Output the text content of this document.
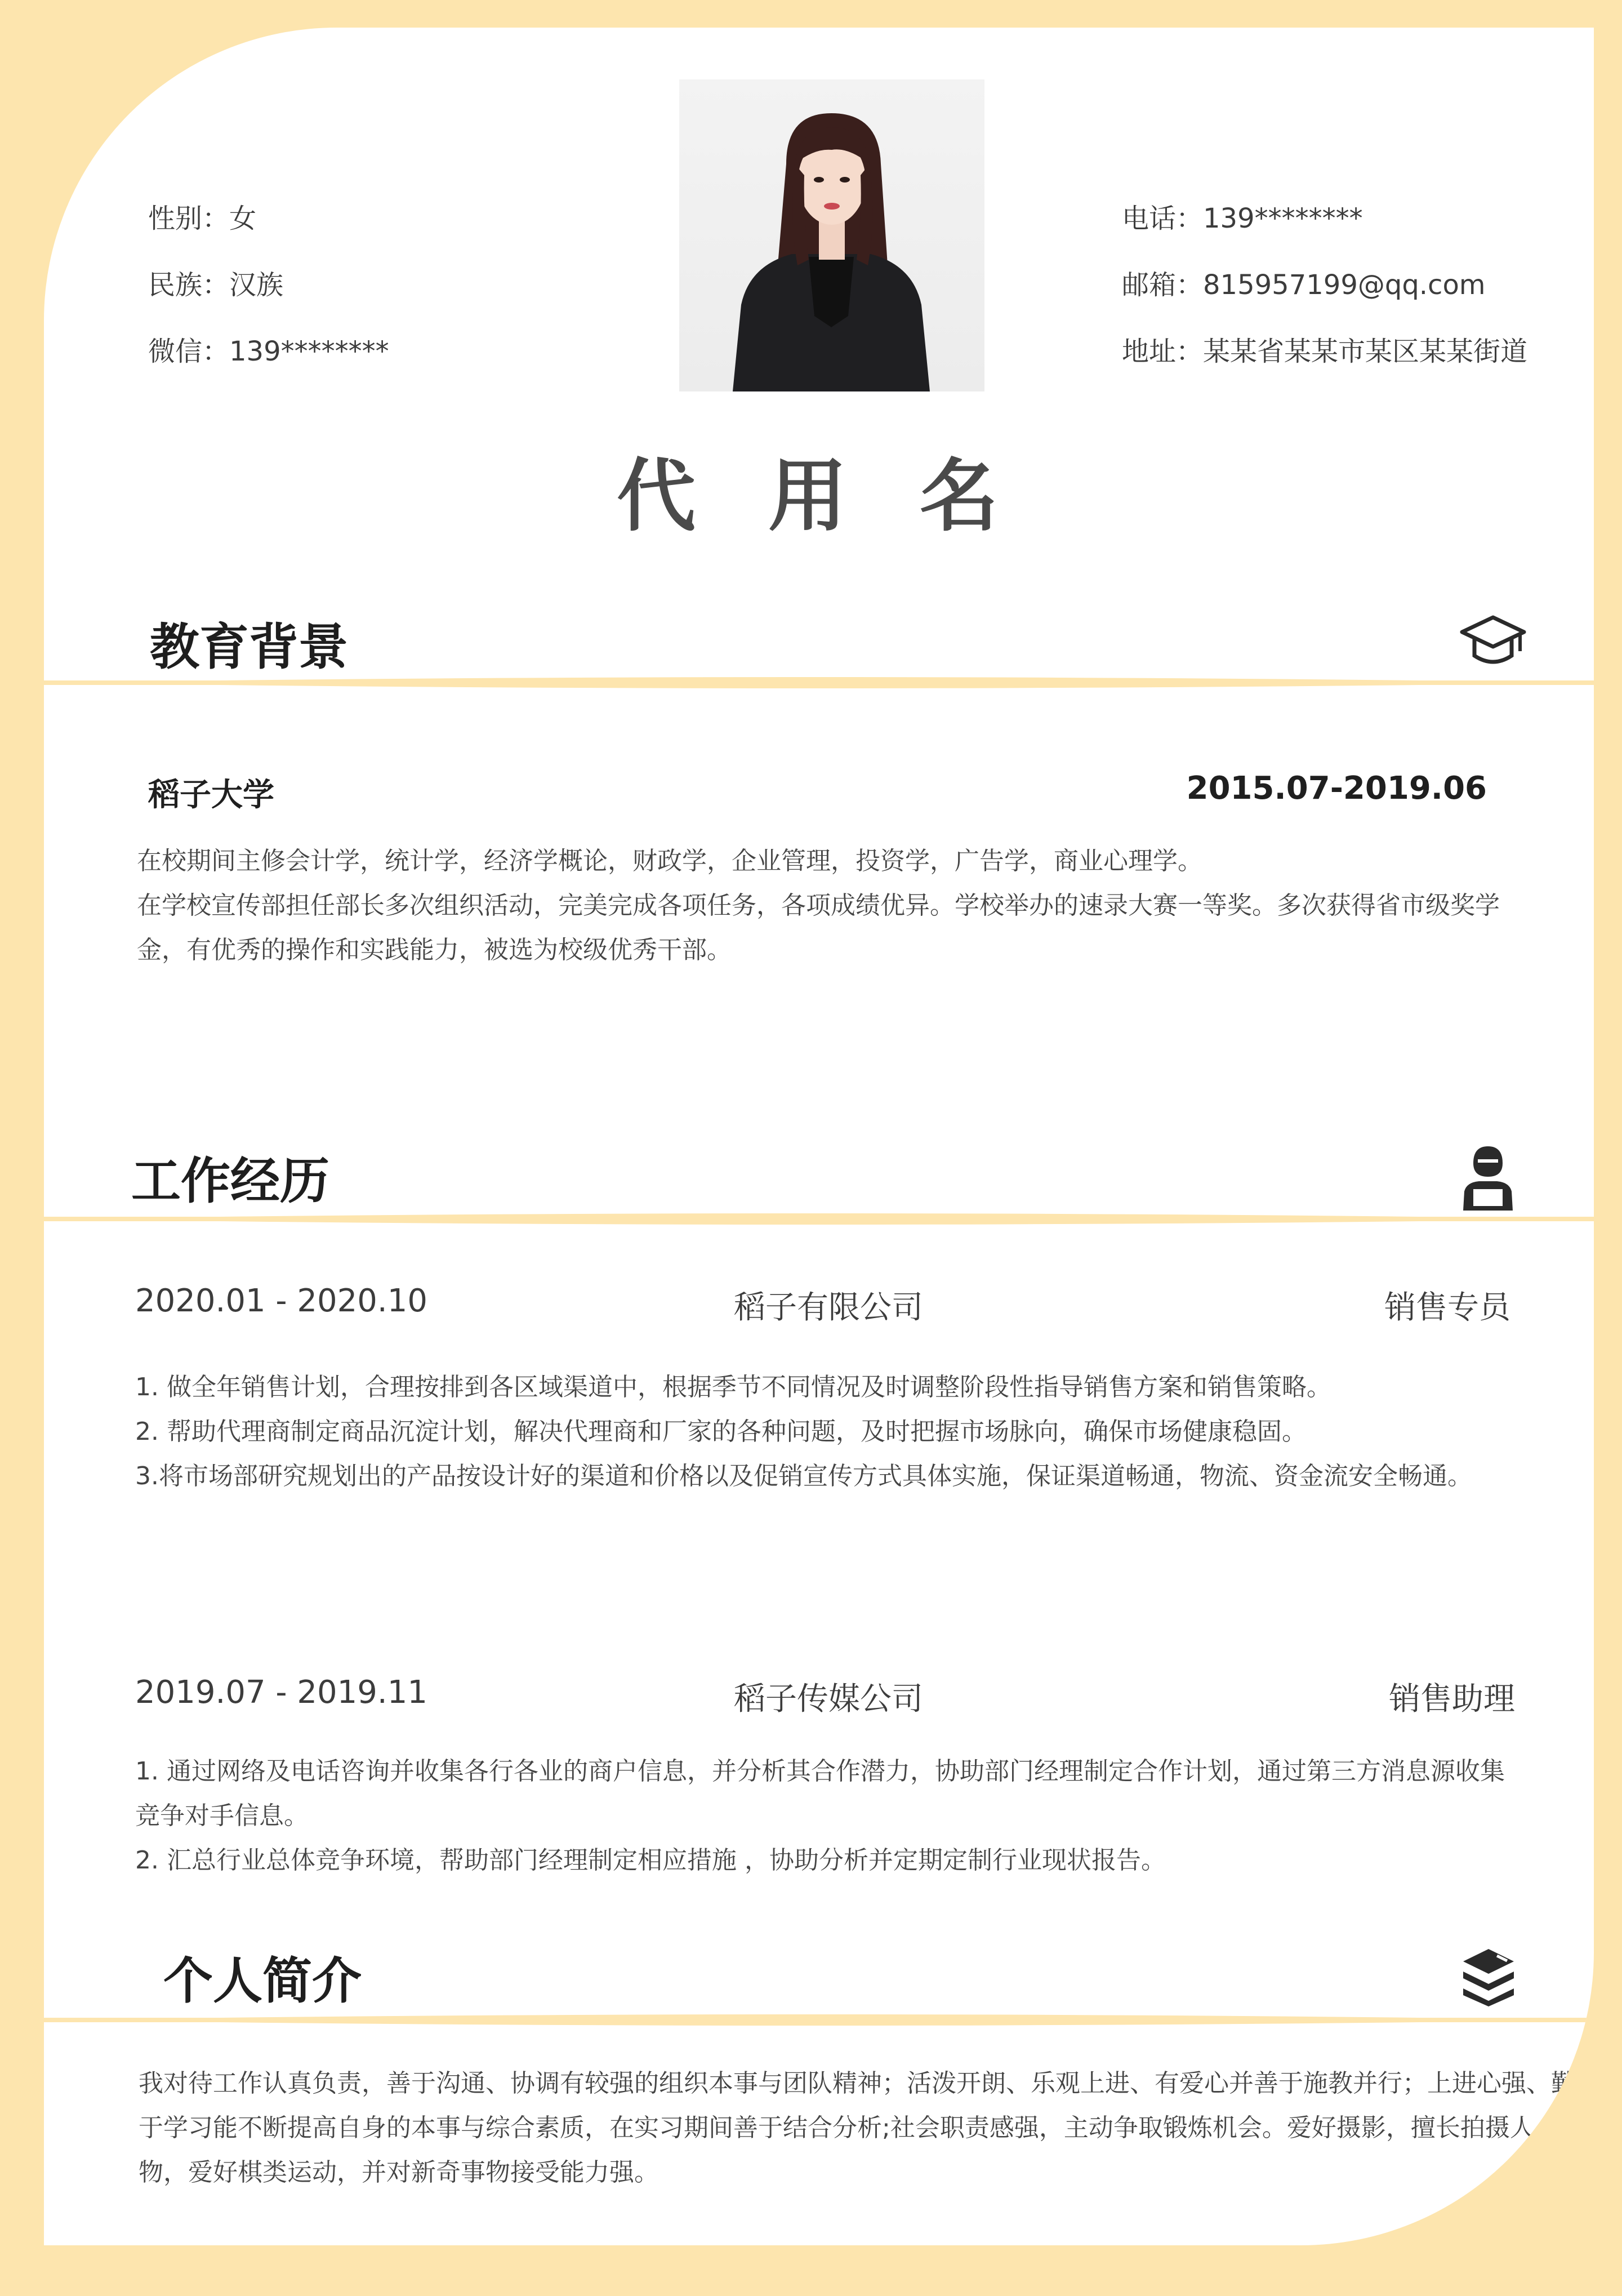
性别：女
民族：汉族
微信：139********
电话：139********
邮箱：815957199@qq.com
地址：某某省某某市某区某某街道
代 用 名
教育背景
稻子大学	2015.07-2019.06
在校期间主修会计学，统计学，经济学概论，财政学，企业管理，投资学，广告学，商业心理学。
在学校宣传部担任部长多次组织活动，完美完成各项任务，各项成绩优异。学校举办的速录大赛一等奖。多次获得省市级奖学金，有优秀的操作和实践能力，被选为校级优秀干部。
工作经历
2020.01 - 2020.10	稻子有限公司	销售专员
1. 做全年销售计划，合理按排到各区域渠道中，根据季节不同情况及时调整阶段性指导销售方案和销售策略。
2. 帮助代理商制定商品沉淀计划，解决代理商和厂家的各种问题，及时把握市场脉向，确保市场健康稳固。
3.将市场部研究规划出的产品按设计好的渠道和价格以及促销宣传方式具体实施，保证渠道畅通，物流、资金流安全畅通。
2019.07 - 2019.11	稻子传媒公司	销售助理
1. 通过网络及电话咨询并收集各行各业的商户信息，并分析其合作潜力，协助部门经理制定合作计划，通过第三方消息源收集竞争对手信息。
2. 汇总行业总体竞争环境，帮助部门经理制定相应措施 ，协助分析并定期定制行业现状报告。
个人简介
我对待工作认真负责，善于沟通、协调有较强的组织本事与团队精神；活泼开朗、乐观上进、有爱心并善于施教并行；上进心强、勤于学习能不断提高自身的本事与综合素质，在实习期间善于结合分析;社会职责感强，主动争取锻炼机会。爱好摄影，擅长拍摄人物，爱好棋类运动，并对新奇事物接受能力强。
